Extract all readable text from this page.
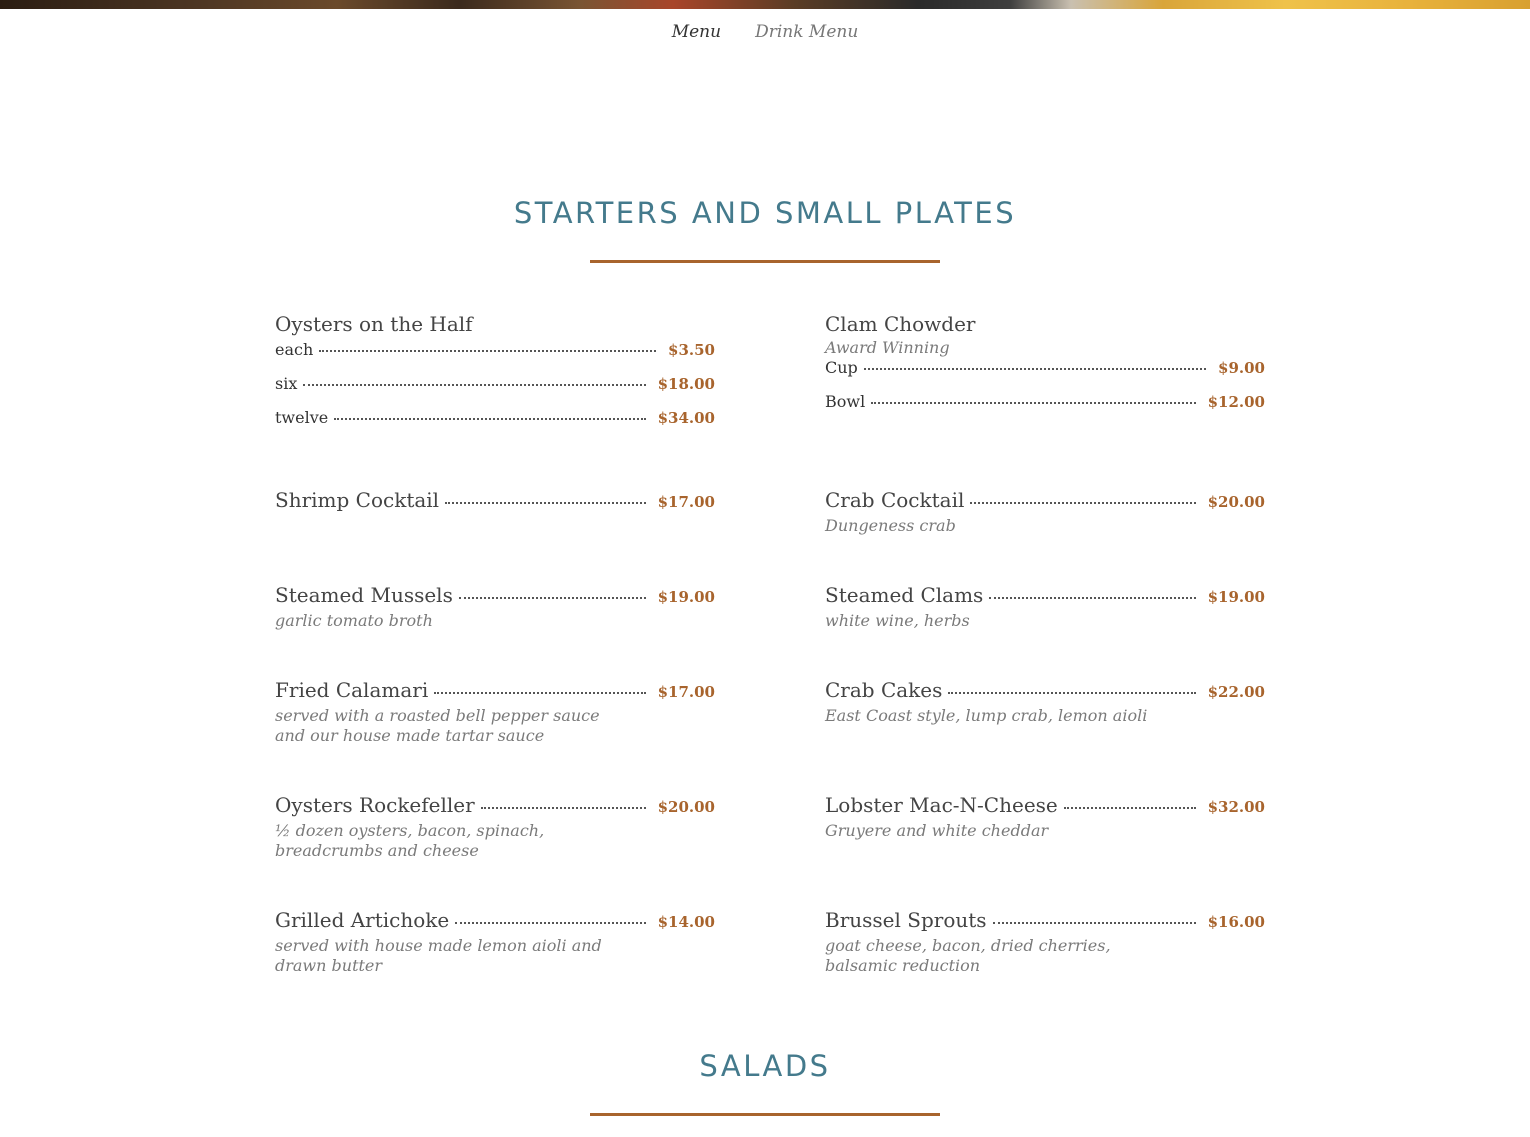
Menu Drink Menu
STARTERS AND SMALL PLATES
Oysters on the Half
each	$3.50
six	$18.00
twelve	$34.00
Shrimp Cocktail	$17.00
Steamed Mussels	$19.00
garlic tomato broth
Fried Calamari	$17.00
served with a roasted bell pepper sauce and our house made tartar sauce
Oysters Rockefeller	$20.00
½ dozen oysters, bacon, spinach, breadcrumbs and cheese
Grilled Artichoke	$14.00
served with house made lemon aioli and drawn butter
Clam Chowder
Award Winning
Cup	$9.00
Bowl	$12.00
Crab Cocktail	$20.00
Dungeness crab
Steamed Clams	$19.00
white wine, herbs
Crab Cakes	$22.00
East Coast style, lump crab, lemon aioli
Lobster Mac-N-Cheese	$32.00
Gruyere and white cheddar
Brussel Sprouts	$16.00
goat cheese, bacon, dried cherries, balsamic reduction
SALADS
